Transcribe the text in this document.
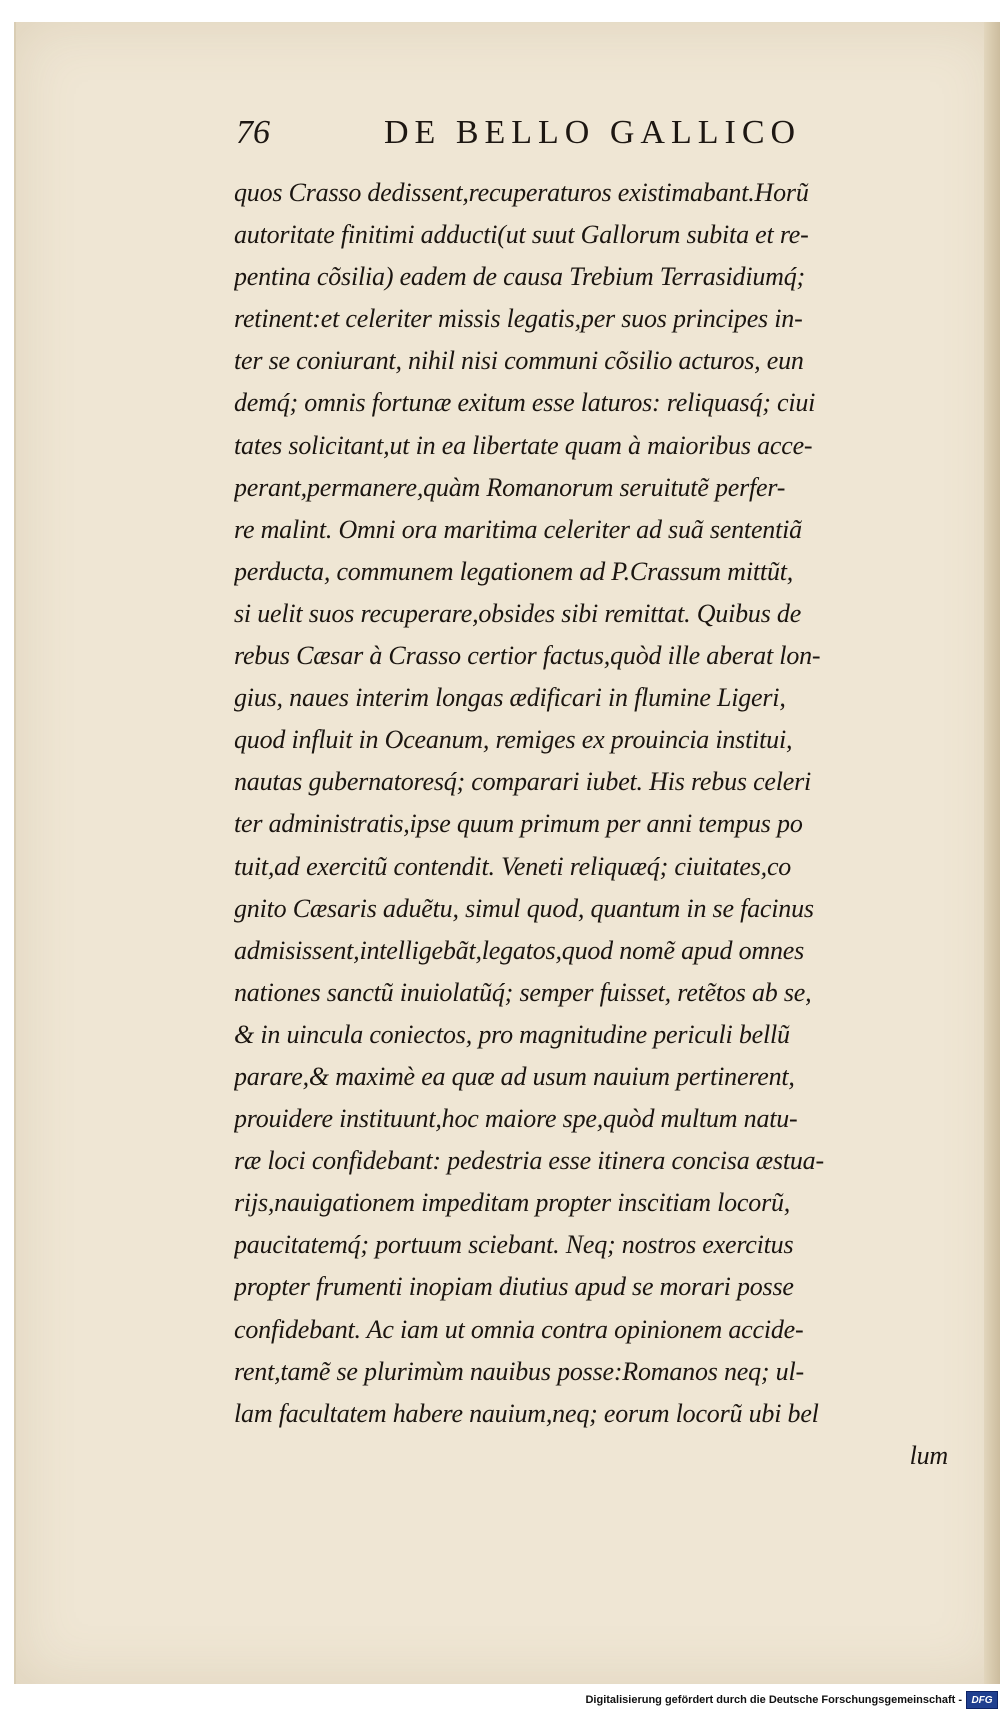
76	DE BELLO GALLICO
quos Crasso dedissent,recuperaturos existimabant.Horũ
autoritate finitimi adducti(ut suut Gallorum subita et re-
pentina cõsilia) eadem de causa Trebium Terrasidiumq́;
retinent:et celeriter missis legatis,per suos principes in-
ter se coniurant, nihil nisi communi cõsilio acturos, eun
demq́; omnis fortunæ exitum esse laturos: reliquasq́; ciui
tates solicitant,ut in ea libertate quam à maioribus acce-
perant,permanere,quàm Romanorum seruitutẽ perfer-
re malint. Omni ora maritima celeriter ad suã sententiã
perducta, communem legationem ad P.Crassum mittũt,
si uelit suos recuperare,obsides sibi remittat. Quibus de
rebus Cæsar à Crasso certior factus,quòd ille aberat lon-
gius, naues interim longas ædificari in flumine Ligeri,
quod influit in Oceanum, remiges ex prouincia institui,
nautas gubernatoresq́; comparari iubet. His rebus celeri
ter administratis,ipse quum primum per anni tempus po
tuit,ad exercitũ contendit. Veneti reliquæq́; ciuitates,co
gnito Cæsaris aduẽtu, simul quod, quantum in se facinus
admisissent,intelligebãt,legatos,quod nomẽ apud omnes
nationes sanctũ inuiolatũq́; semper fuisset, retẽtos ab se,
& in uincula coniectos, pro magnitudine periculi bellũ
parare,& maximè ea quæ ad usum nauium pertinerent,
prouidere instituunt,hoc maiore spe,quòd multum natu-
ræ loci confidebant: pedestria esse itinera concisa æstua-
rijs,nauigationem impeditam propter inscitiam locorũ,
paucitatemq́; portuum sciebant. Neq; nostros exercitus
propter frumenti inopiam diutius apud se morari posse
confidebant. Ac iam ut omnia contra opinionem accide-
rent,tamẽ se plurimùm nauibus posse:Romanos neq; ul-
lam facultatem habere nauium,neq; eorum locorũ ubi bel
lum
Digitalisierung gefördert durch die Deutsche Forschungsgemeinschaft - DFG
